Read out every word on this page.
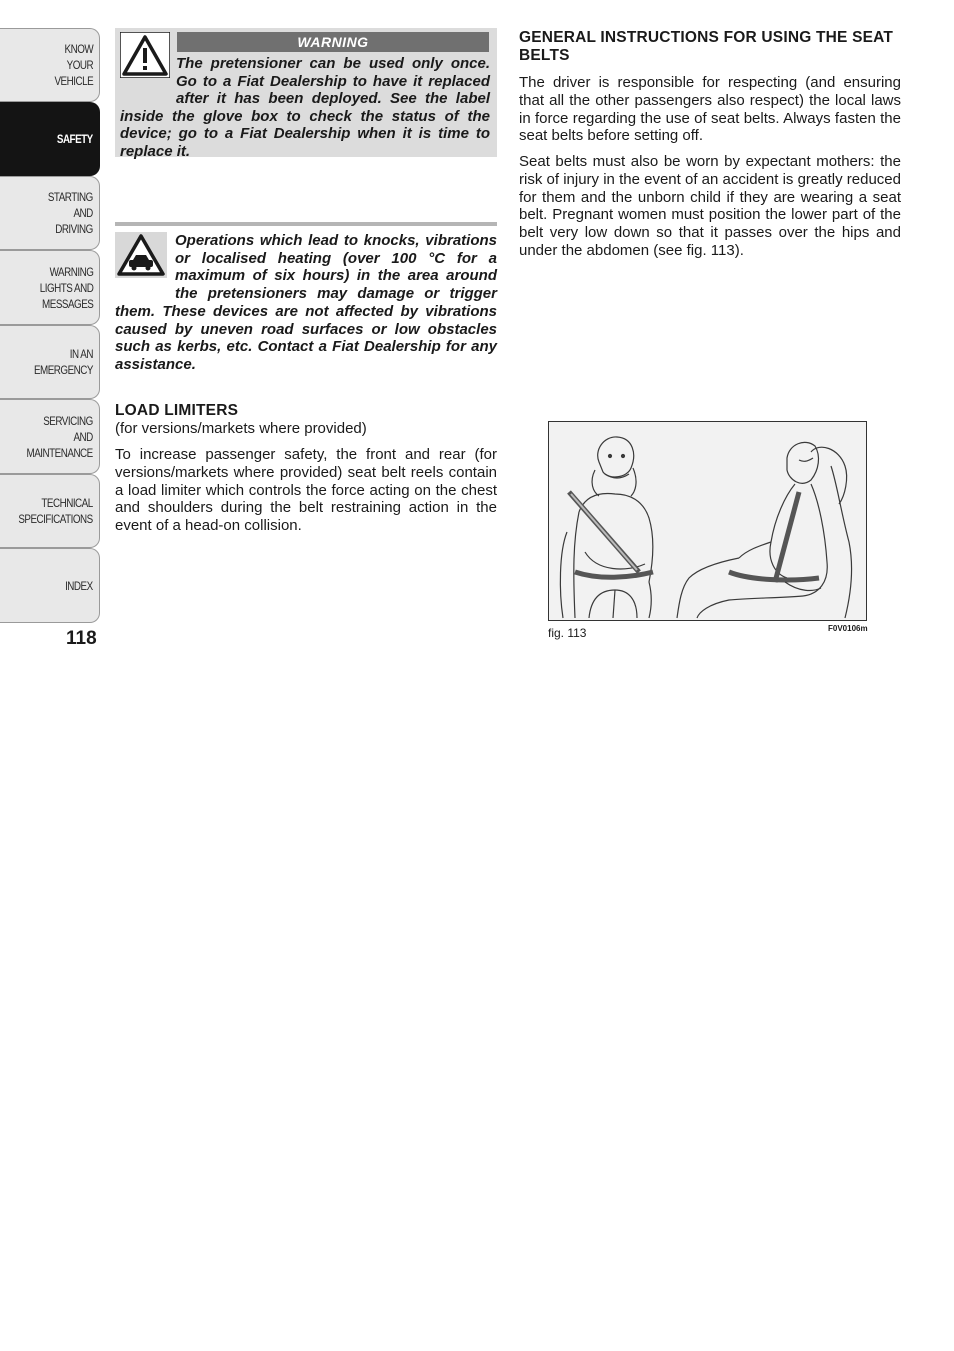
KNOW
YOUR
VEHICLE
SAFETY
STARTING
AND
DRIVING
WARNING
LIGHTS AND
MESSAGES
IN AN
EMERGENCY
SERVICING
AND
MAINTENANCE
TECHNICAL
SPECIFICATIONS
INDEX
118
WARNING
The pretensioner can be used only once. Go to a Fiat Dealership to have it replaced after it has been deployed. See the label inside the glove box to check the status of the device; go to a Fiat Dealership when it is time to replace it.
Operations which lead to knocks, vibrations or localised heating (over 100 °C for a maximum of six hours) in the area around the pretensioners may damage or trigger them. These devices are not affected by vibrations caused by uneven road surfaces or low obstacles such as kerbs, etc. Contact a Fiat Dealership for any assistance.
LOAD LIMITERS
(for versions/markets where provided)

To increase passenger safety, the front and rear (for versions/markets where provided) seat belt reels contain a load limiter which controls the force acting on the chest and shoulders during the belt restraining action in the event of a head-on collision.

GENERAL INSTRUCTIONS FOR USING THE SEAT BELTS

The driver is responsible for respecting (and ensuring that all the other passengers also respect) the local laws in force regarding the use of seat belts. Always fasten the seat belts before setting off.

Seat belts must also be worn by expectant mothers: the risk of injury in the event of an accident is greatly reduced for them and the unborn child if they are wearing a seat belt. Pregnant women must position the lower part of the belt very low down so that it passes over the hips and under the abdomen (see fig. 113).

fig. 113	F0V0106m
